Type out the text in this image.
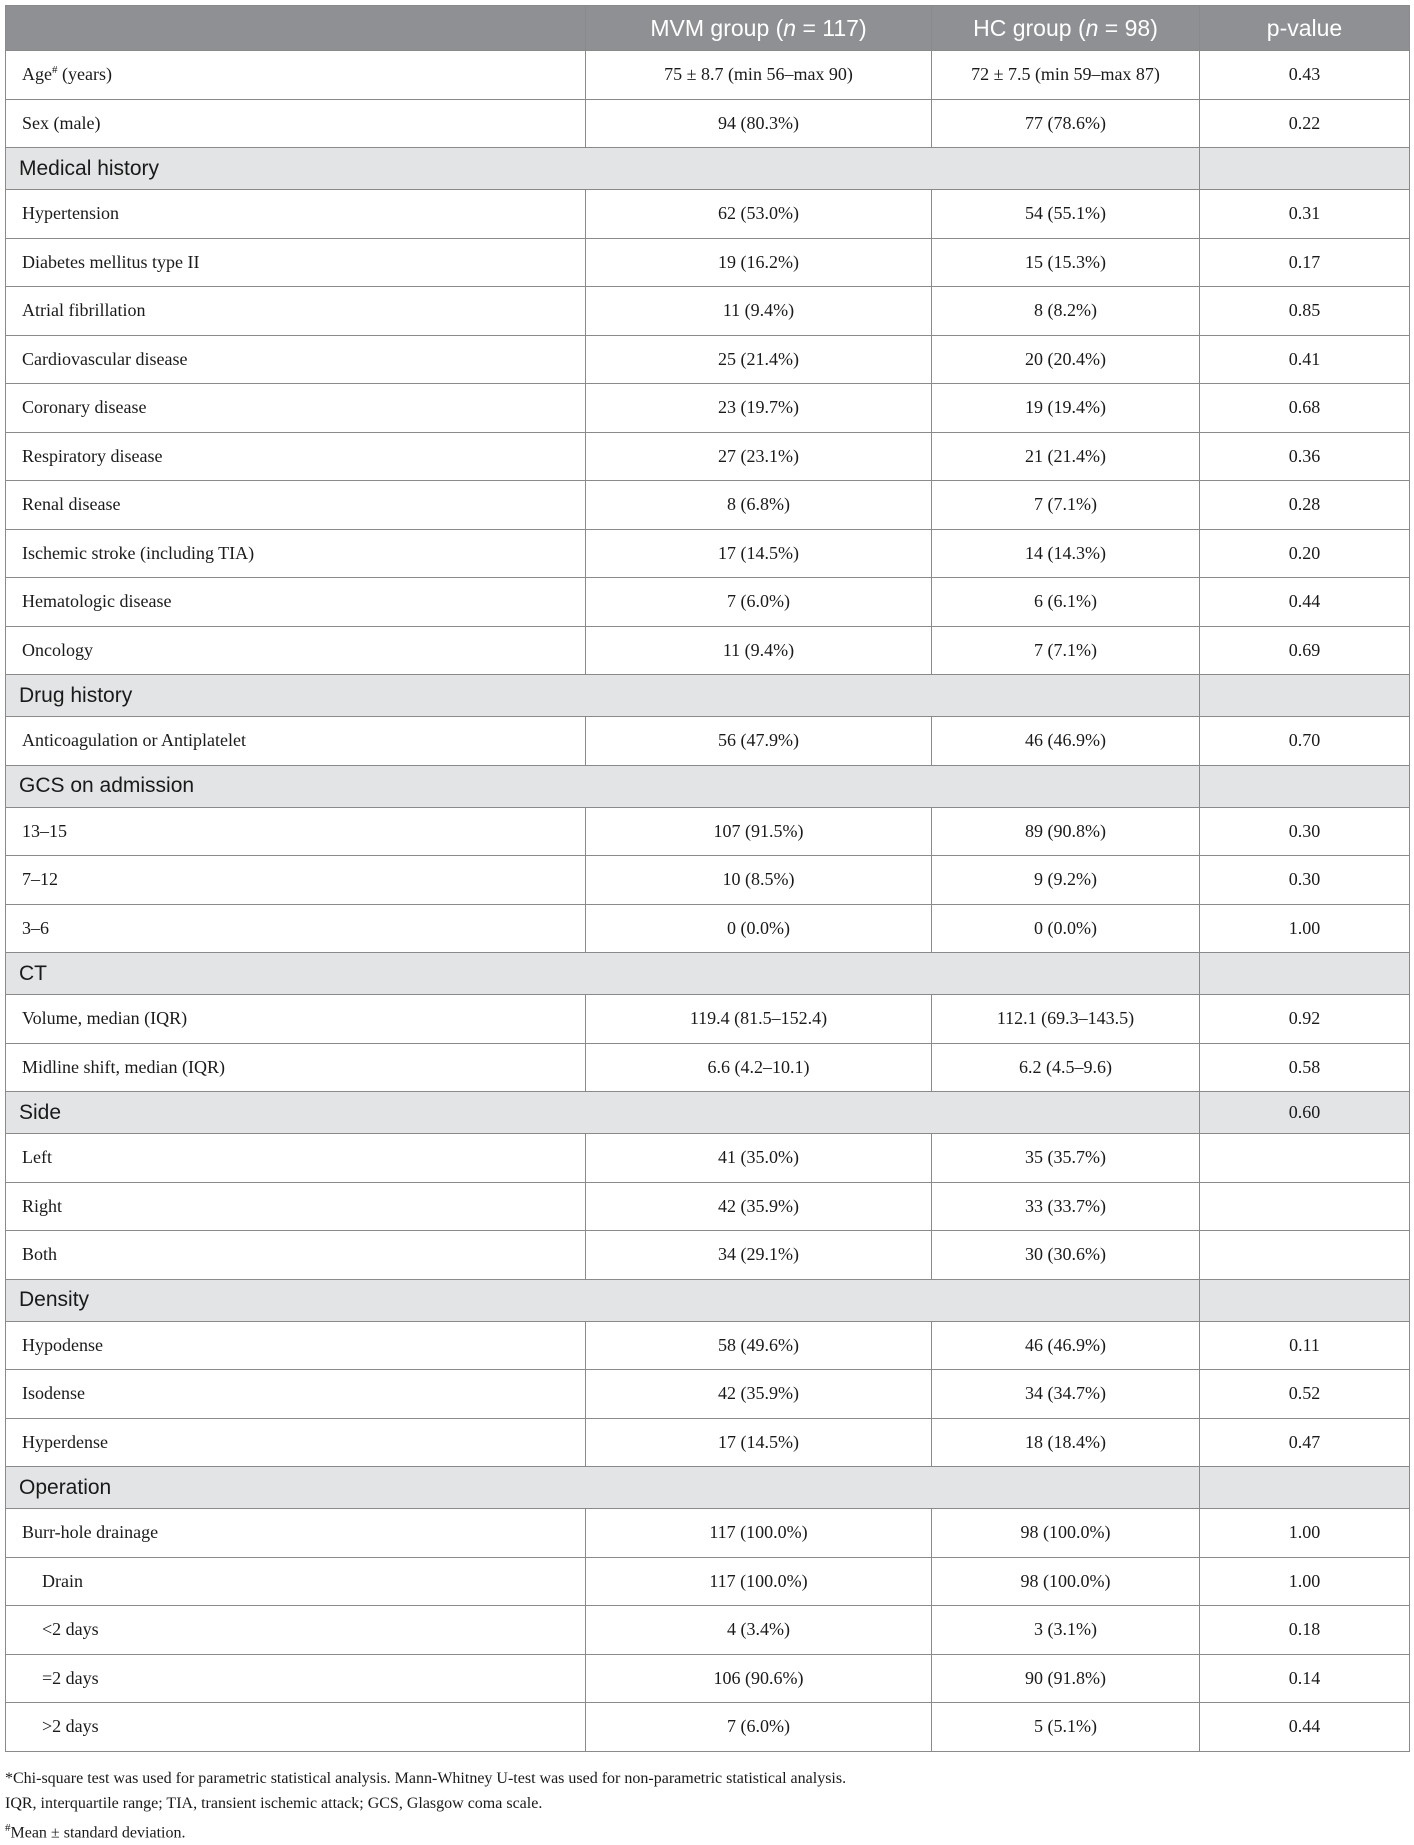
	MVM group (n = 117)	HC group (n = 98)	p-value
Age# (years)	75 ± 8.7 (min 56–max 90)	72 ± 7.5 (min 59–max 87)	0.43
Sex (male)	94 (80.3%)	77 (78.6%)	0.22
Medical history			
Hypertension	62 (53.0%)	54 (55.1%)	0.31
Diabetes mellitus type II	19 (16.2%)	15 (15.3%)	0.17
Atrial fibrillation	11 (9.4%)	8 (8.2%)	0.85
Cardiovascular disease	25 (21.4%)	20 (20.4%)	0.41
Coronary disease	23 (19.7%)	19 (19.4%)	0.68
Respiratory disease	27 (23.1%)	21 (21.4%)	0.36
Renal disease	8 (6.8%)	7 (7.1%)	0.28
Ischemic stroke (including TIA)	17 (14.5%)	14 (14.3%)	0.20
Hematologic disease	7 (6.0%)	6 (6.1%)	0.44
Oncology	11 (9.4%)	7 (7.1%)	0.69
Drug history			
Anticoagulation or Antiplatelet	56 (47.9%)	46 (46.9%)	0.70
GCS on admission			
13–15	107 (91.5%)	89 (90.8%)	0.30
7–12	10 (8.5%)	9 (9.2%)	0.30
3–6	0 (0.0%)	0 (0.0%)	1.00
CT			
Volume, median (IQR)	119.4 (81.5–152.4)	112.1 (69.3–143.5)	0.92
Midline shift, median (IQR)	6.6 (4.2–10.1)	6.2 (4.5–9.6)	0.58
Side			0.60
Left	41 (35.0%)	35 (35.7%)	
Right	42 (35.9%)	33 (33.7%)	
Both	34 (29.1%)	30 (30.6%)	
Density			
Hypodense	58 (49.6%)	46 (46.9%)	0.11
Isodense	42 (35.9%)	34 (34.7%)	0.52
Hyperdense	17 (14.5%)	18 (18.4%)	0.47
Operation			
Burr-hole drainage	117 (100.0%)	98 (100.0%)	1.00
Drain	117 (100.0%)	98 (100.0%)	1.00
<2 days	4 (3.4%)	3 (3.1%)	0.18
=2 days	106 (90.6%)	90 (91.8%)	0.14
>2 days	7 (6.0%)	5 (5.1%)	0.44

*Chi-square test was used for parametric statistical analysis. Mann-Whitney U-test was used for non-parametric statistical analysis.

IQR, interquartile range; TIA, transient ischemic attack; GCS, Glasgow coma scale.

#Mean ± standard deviation.
